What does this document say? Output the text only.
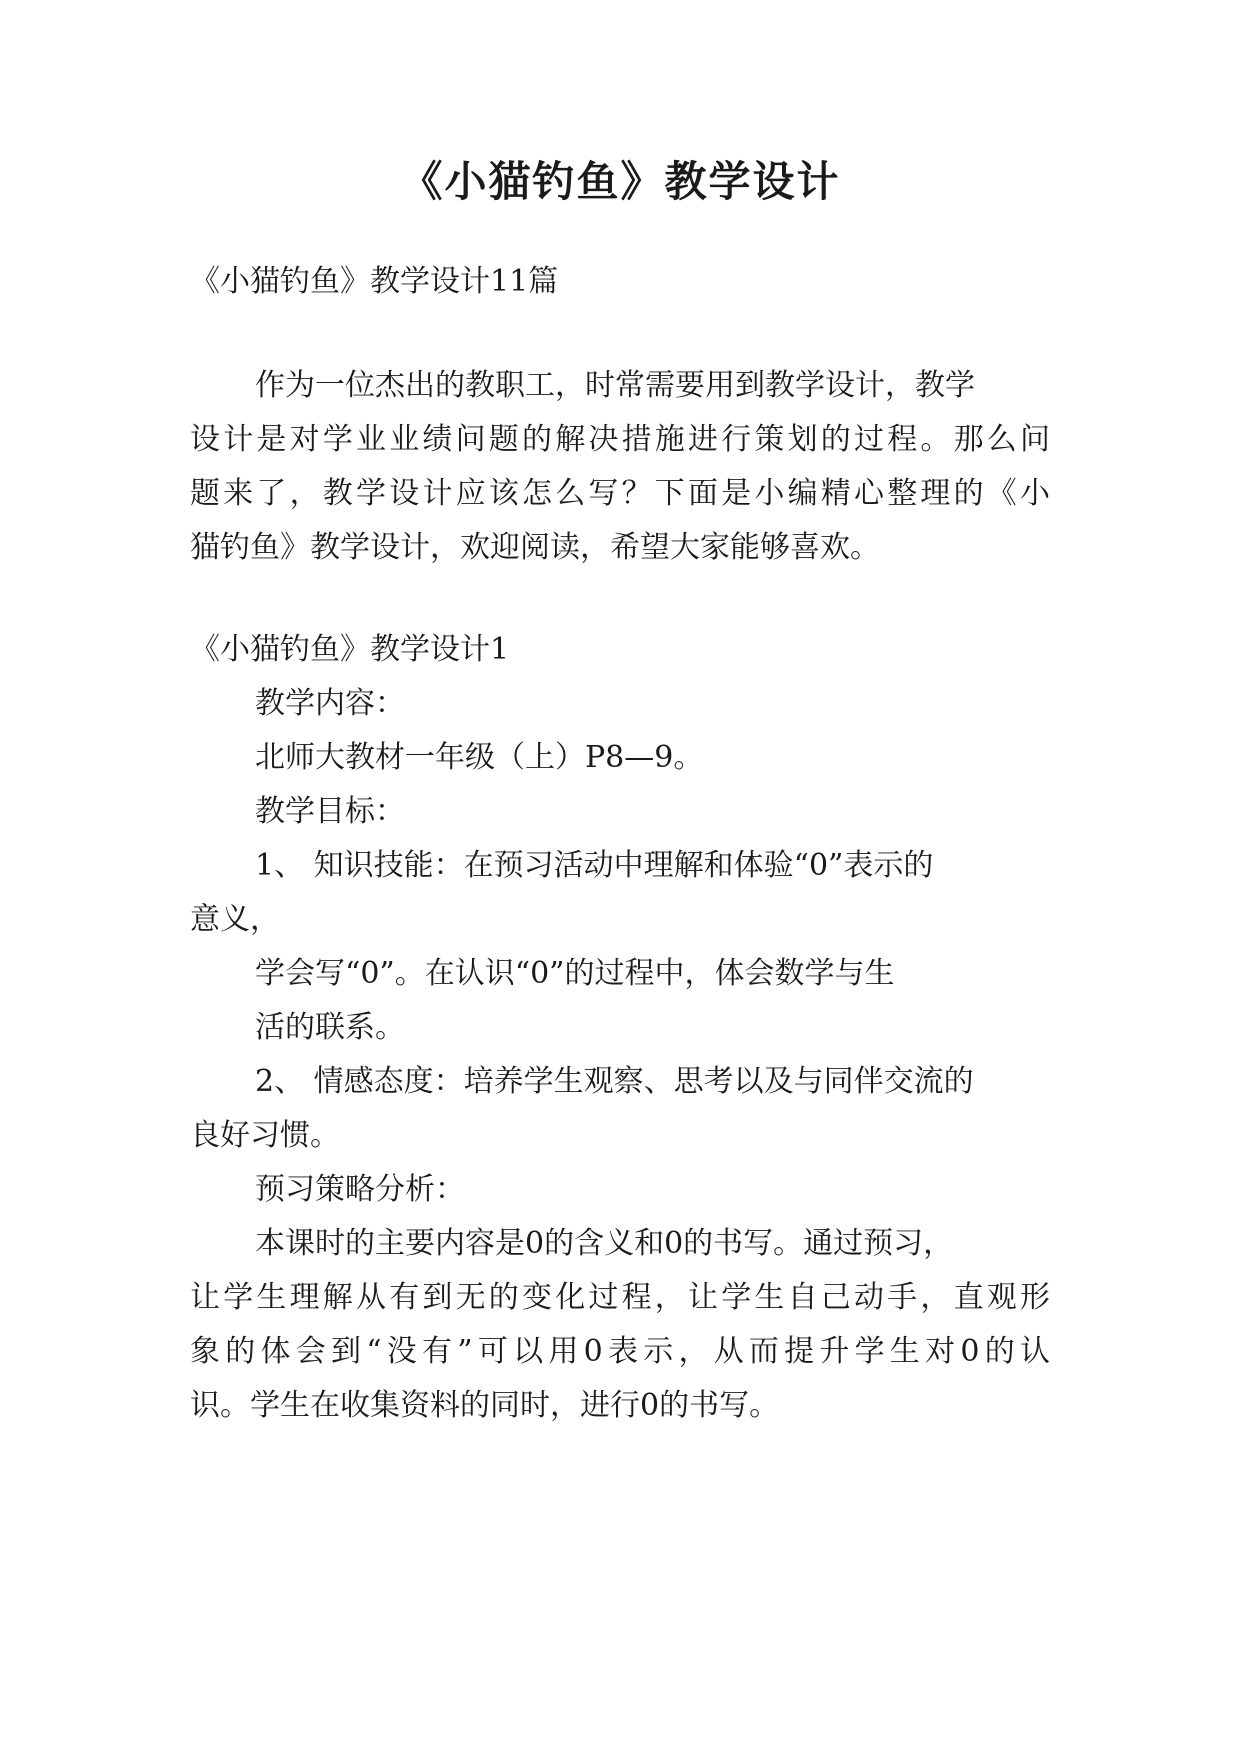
《小猫钓鱼》教学设计
《小猫钓鱼》教学设计11篇
作为一位杰出的教职工，时常需要用到教学设计，教学
设计是对学业业绩问题的解决措施进行策划的过程。那么问
题来了，教学设计应该怎么写？下面是小编精心整理的《小
猫钓鱼》教学设计，欢迎阅读，希望大家能够喜欢。
《小猫钓鱼》教学设计1
教学内容：
北师大教材一年级（上）P8—9。
教学目标：
1、 知识技能：在预习活动中理解和体验“0”表示的
意义，
学会写“0”。在认识“0”的过程中，体会数学与生
活的联系。
2、 情感态度：培养学生观察、思考以及与同伴交流的
良好习惯。
预习策略分析：
本课时的主要内容是0的含义和0的书写。通过预习，
让学生理解从有到无的变化过程，让学生自己动手，直观形
象的体会到“没有”可以用0表示，从而提升学生对0的认
识。学生在收集资料的同时，进行0的书写。
